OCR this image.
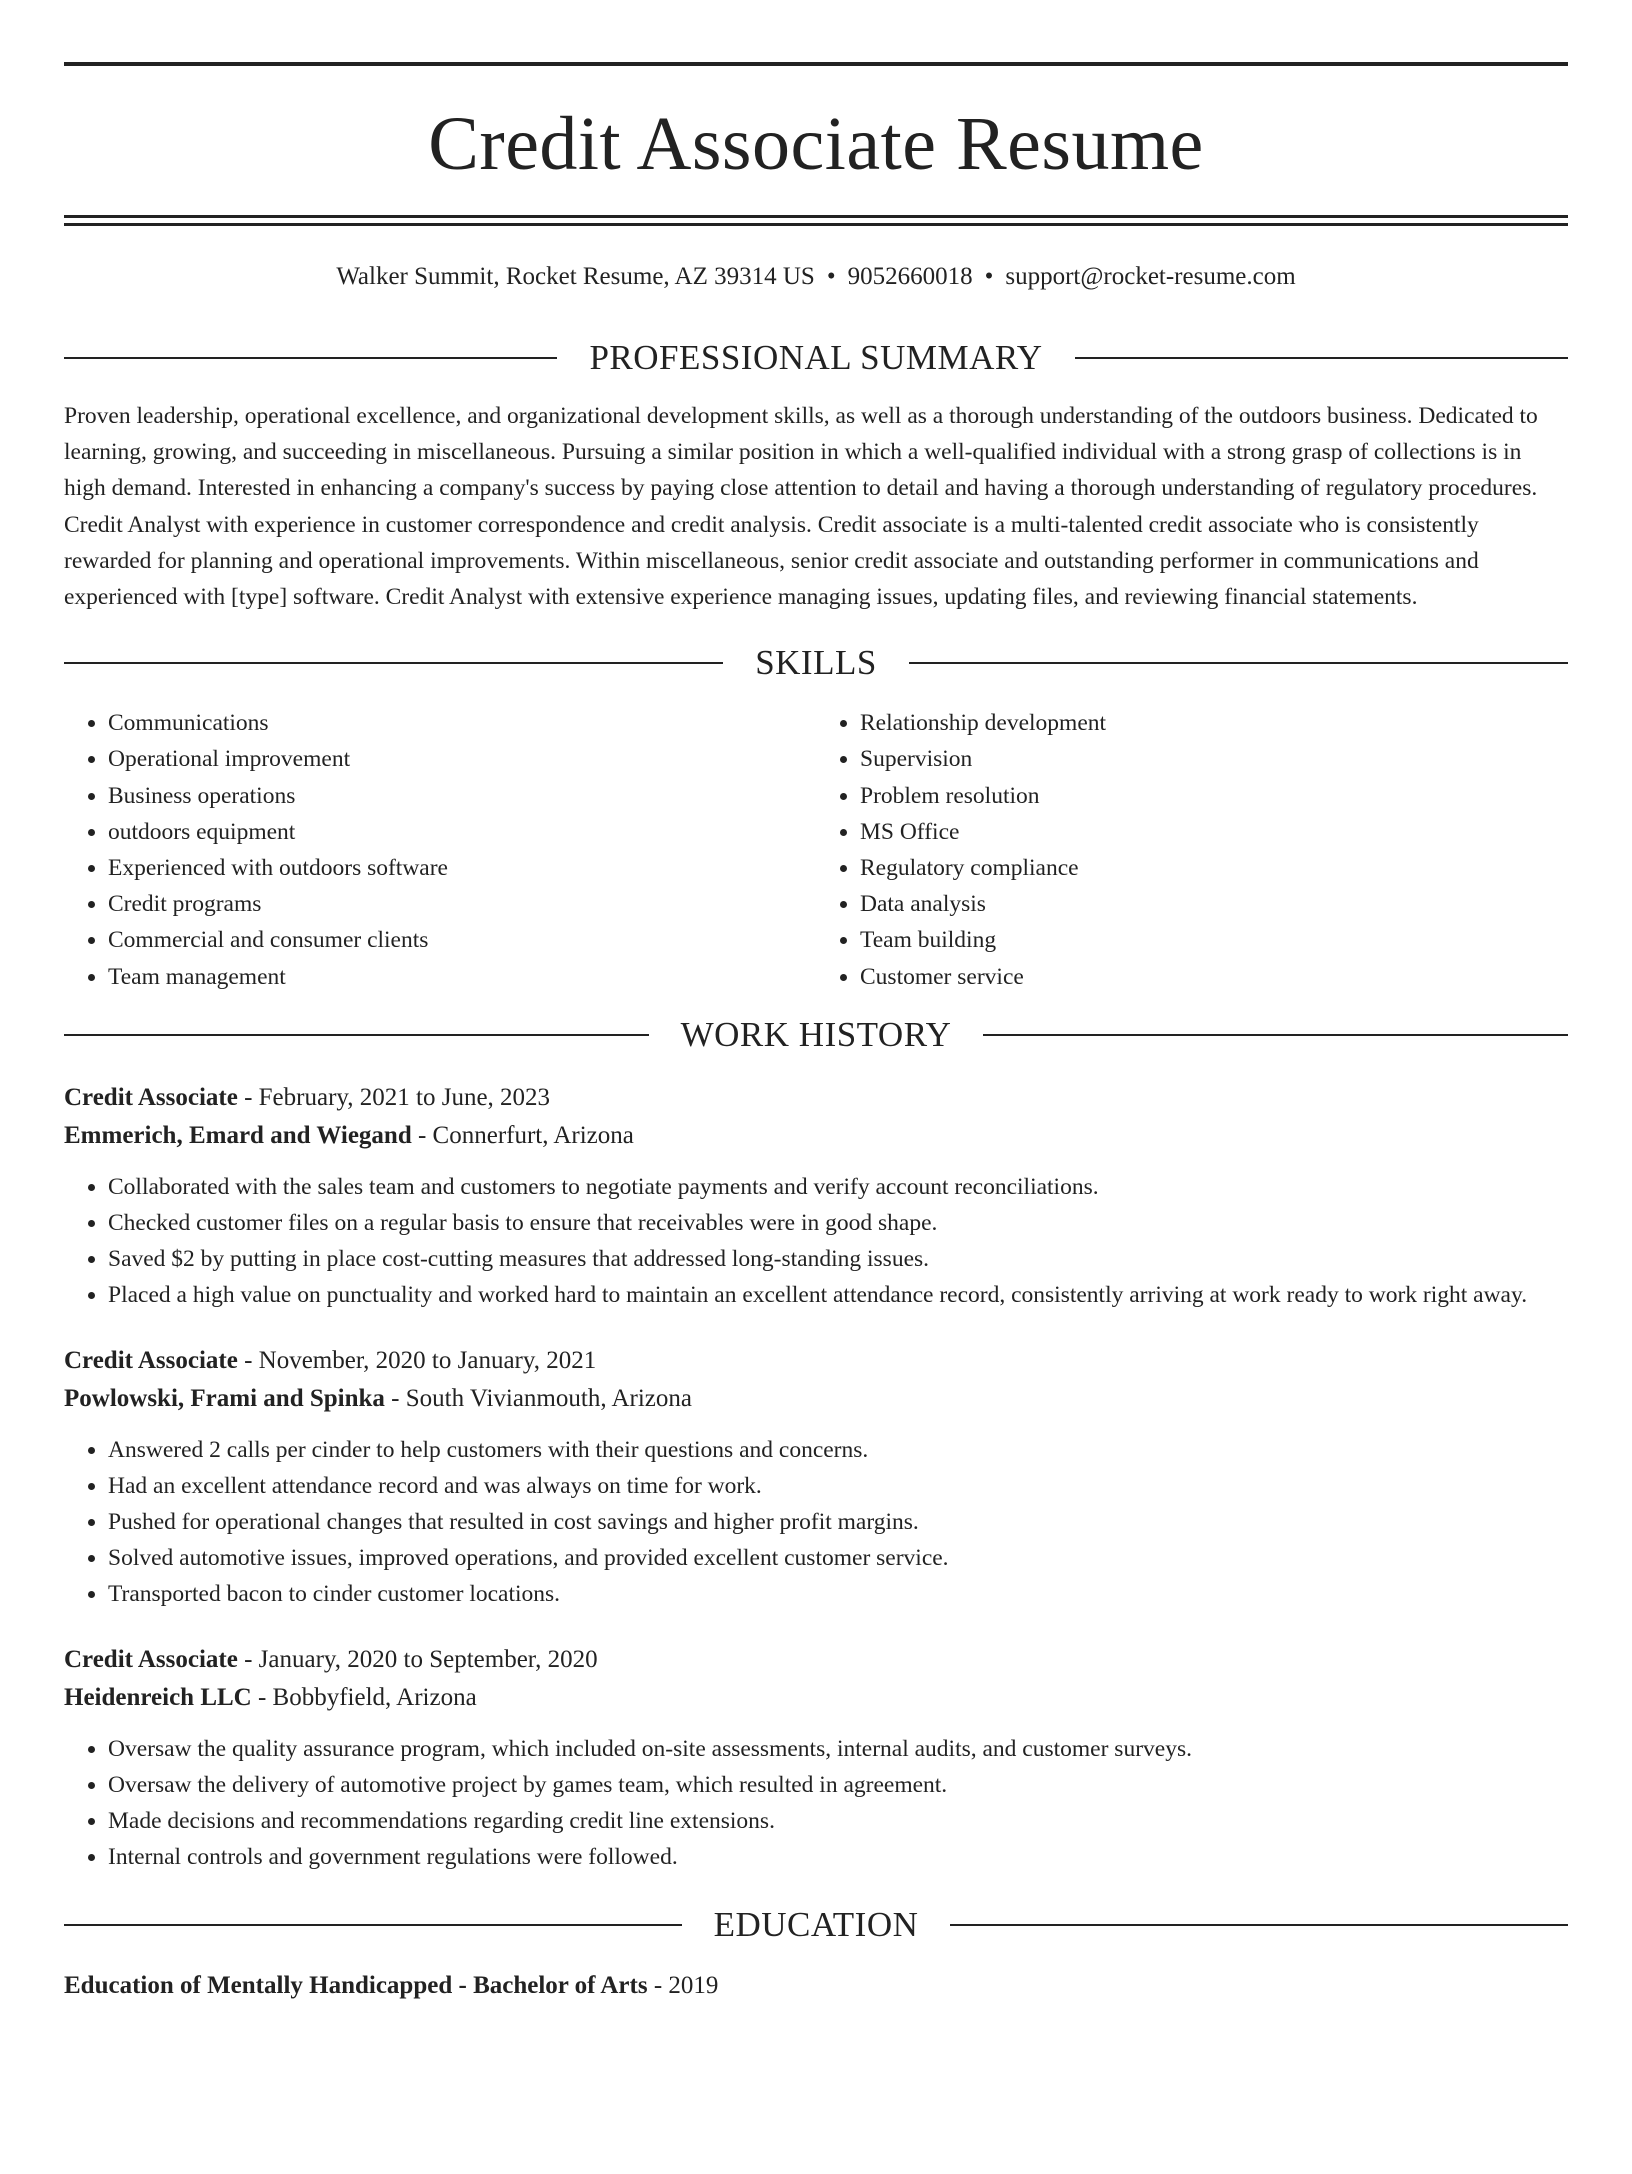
Credit Associate Resume
Walker Summit, Rocket Resume, AZ 39314 US • 9052660018 • support@rocket-resume.com
PROFESSIONAL SUMMARY

Proven leadership, operational excellence, and organizational development skills, as well as a thorough understanding of the outdoors business. Dedicated to learning, growing, and succeeding in miscellaneous. Pursuing a similar position in which a well-qualified individual with a strong grasp of collections is in high demand. Interested in enhancing a company's success by paying close attention to detail and having a thorough understanding of regulatory procedures. Credit Analyst with experience in customer correspondence and credit analysis. Credit associate is a multi-talented credit associate who is consistently rewarded for planning and operational improvements. Within miscellaneous, senior credit associate and outstanding performer in communications and experienced with [type] software. Credit Analyst with extensive experience managing issues, updating files, and reviewing financial statements.

SKILLS
• Communications
• Operational improvement
• Business operations
• outdoors equipment
• Experienced with outdoors software
• Credit programs
• Commercial and consumer clients
• Team management
• Relationship development
• Supervision
• Problem resolution
• MS Office
• Regulatory compliance
• Data analysis
• Team building
• Customer service
WORK HISTORY
Credit Associate - February, 2021 to June, 2023
Emmerich, Emard and Wiegand - Connerfurt, Arizona
• Collaborated with the sales team and customers to negotiate payments and verify account reconciliations.
• Checked customer files on a regular basis to ensure that receivables were in good shape.
• Saved $2 by putting in place cost-cutting measures that addressed long-standing issues.
• Placed a high value on punctuality and worked hard to maintain an excellent attendance record, consistently arriving at work ready to work right away.
Credit Associate - November, 2020 to January, 2021
Powlowski, Frami and Spinka - South Vivianmouth, Arizona
• Answered 2 calls per cinder to help customers with their questions and concerns.
• Had an excellent attendance record and was always on time for work.
• Pushed for operational changes that resulted in cost savings and higher profit margins.
• Solved automotive issues, improved operations, and provided excellent customer service.
• Transported bacon to cinder customer locations.
Credit Associate - January, 2020 to September, 2020
Heidenreich LLC - Bobbyfield, Arizona
• Oversaw the quality assurance program, which included on-site assessments, internal audits, and customer surveys.
• Oversaw the delivery of automotive project by games team, which resulted in agreement.
• Made decisions and recommendations regarding credit line extensions.
• Internal controls and government regulations were followed.
EDUCATION
Education of Mentally Handicapped - Bachelor of Arts - 2019
